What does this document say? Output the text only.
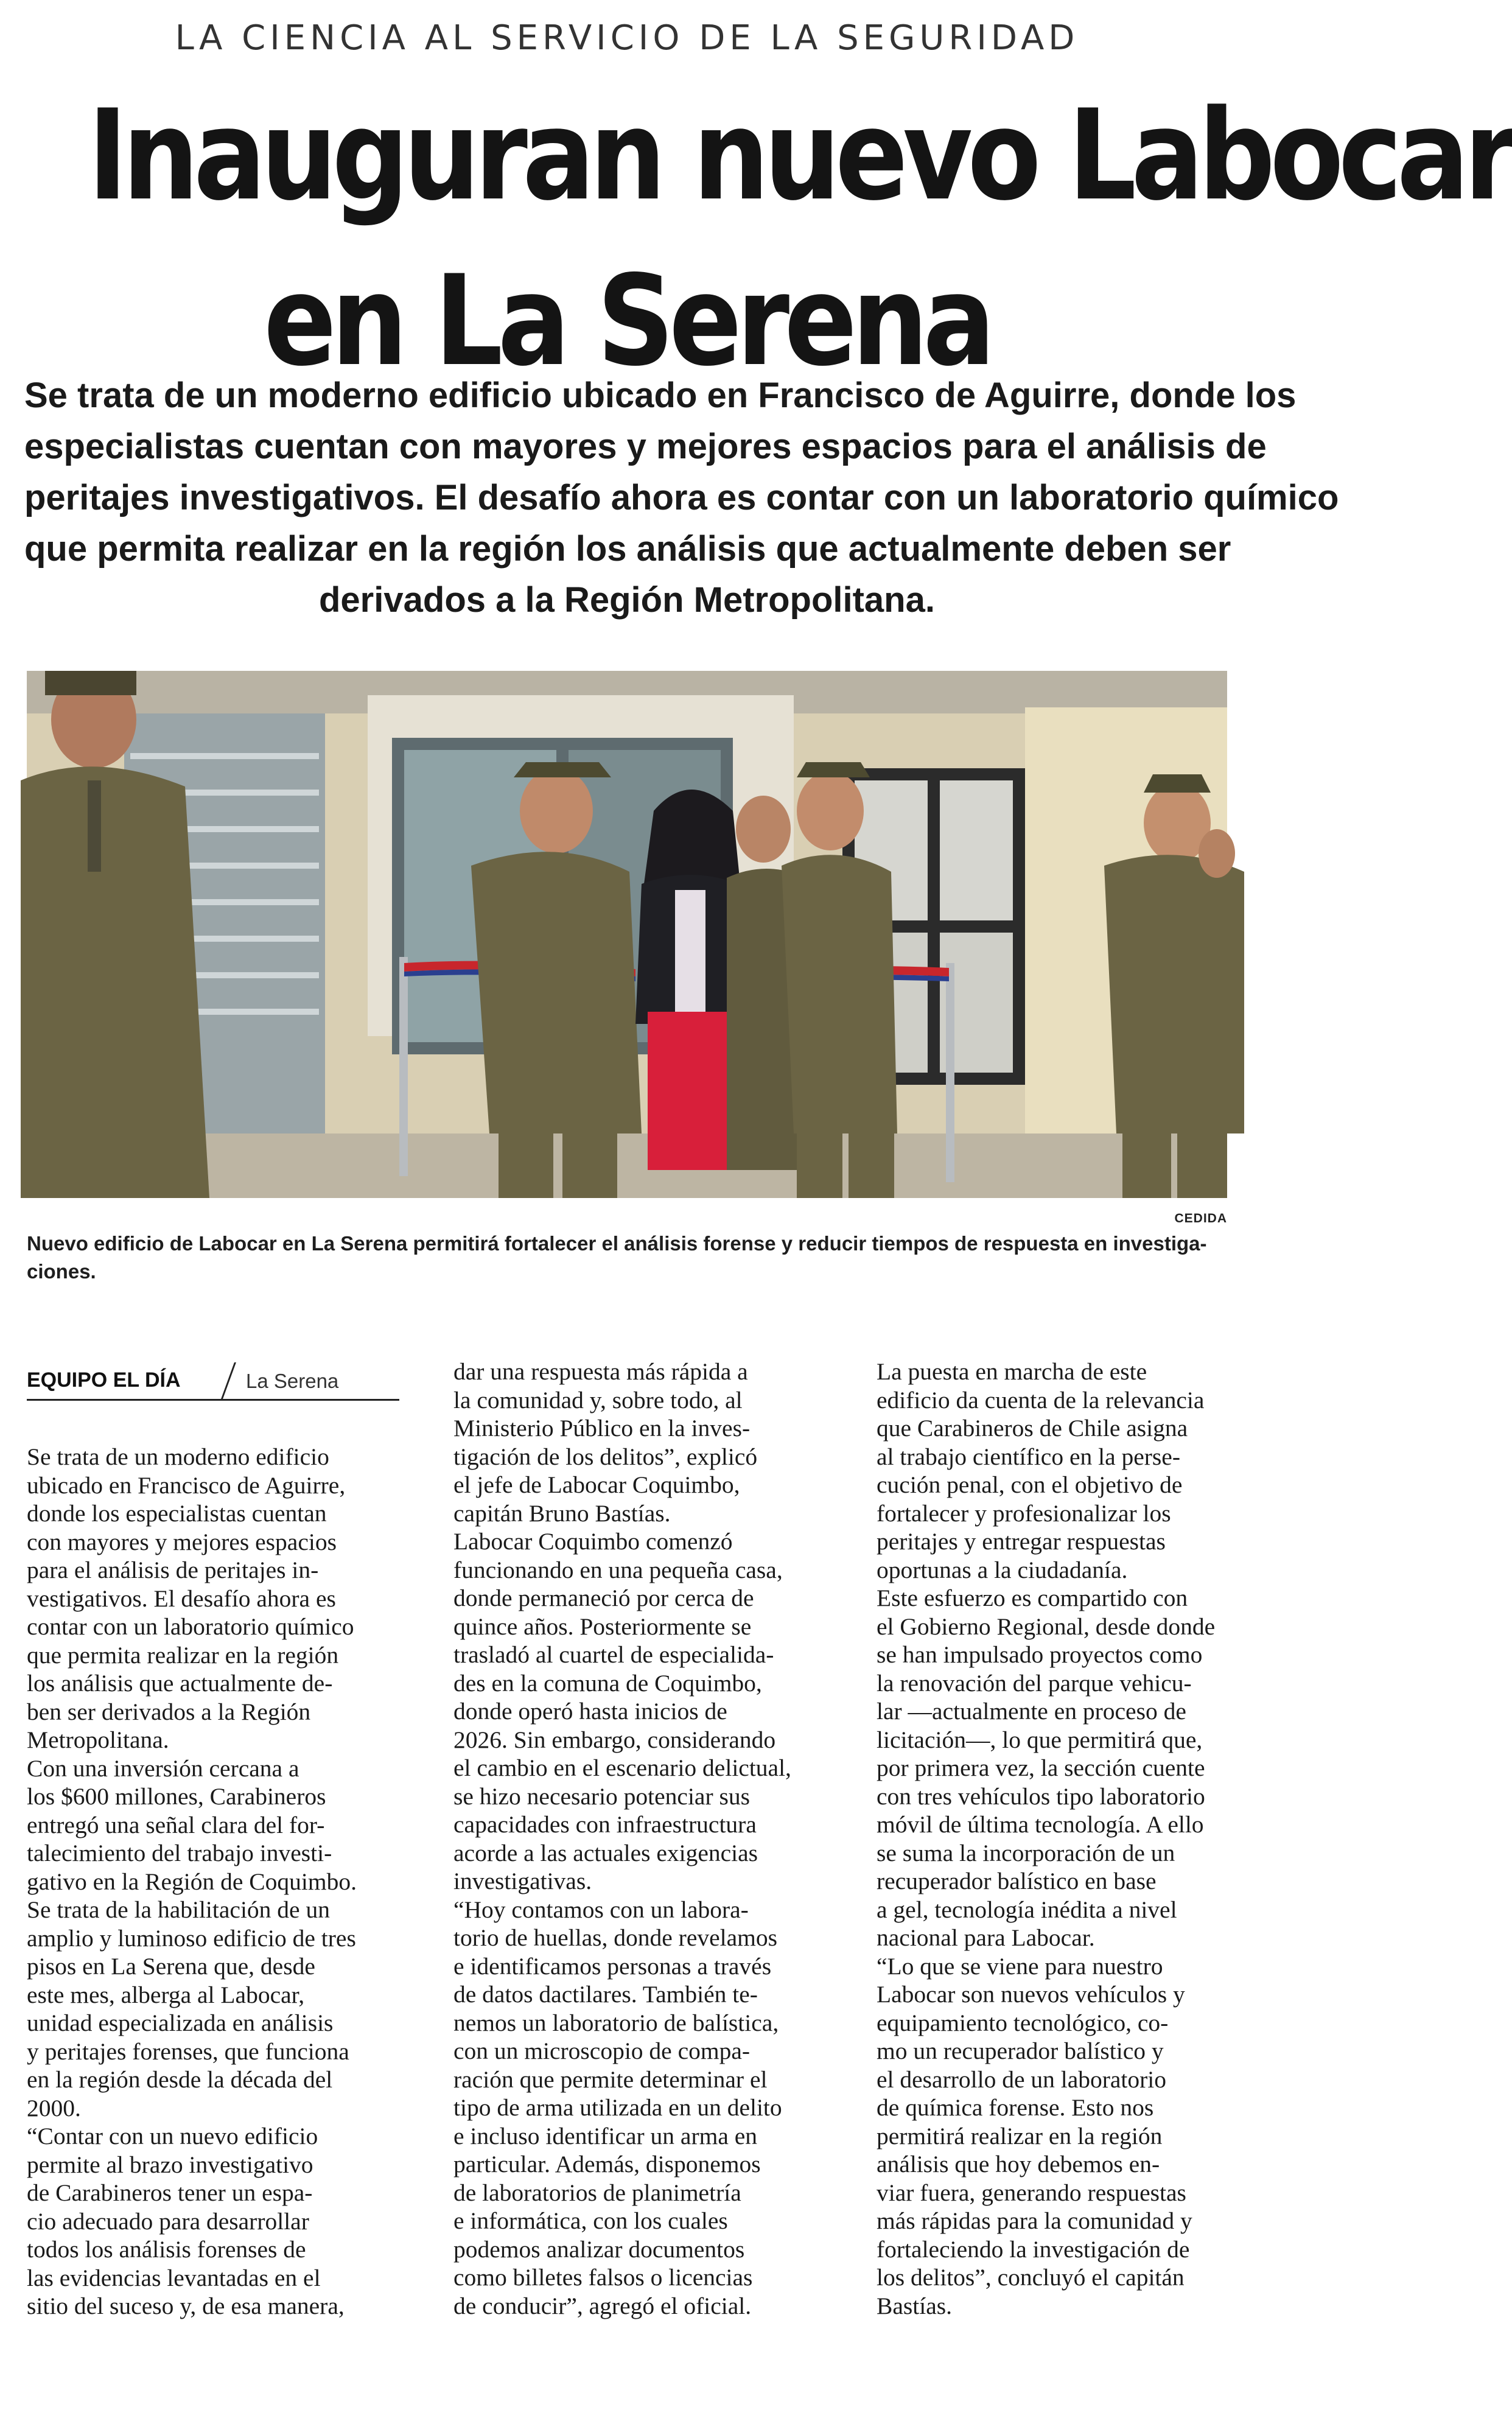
LA CIENCIA AL SERVICIO DE LA SEGURIDAD
Inauguran nuevo Labocar
en La Serena
Se trata de un moderno edificio ubicado en Francisco de Aguirre, donde los
especialistas cuentan con mayores y mejores espacios para el análisis de
peritajes investigativos. El desafío ahora es contar con un laboratorio químico
que permita realizar en la región los análisis que actualmente deben ser
derivados a la Región Metropolitana.
CEDIDA
Nuevo edificio de Labocar en La Serena permitirá fortalecer el análisis forense y reducir tiempos de respuesta en investiga-
ciones.
EQUIPO EL DÍA	La Serena
Se trata de un moderno edificio
ubicado en Francisco de Aguirre,
donde los especialistas cuentan
con mayores y mejores espacios
para el análisis de peritajes in-
vestigativos. El desafío ahora es
contar con un laboratorio químico
que permita realizar en la región
los análisis que actualmente de-
ben ser derivados a la Región
Metropolitana.
Con una inversión cercana a
los $600 millones, Carabineros
entregó una señal clara del for-
talecimiento del trabajo investi-
gativo en la Región de Coquimbo.
Se trata de la habilitación de un
amplio y luminoso edificio de tres
pisos en La Serena que, desde
este mes, alberga al Labocar,
unidad especializada en análisis
y peritajes forenses, que funciona
en la región desde la década del
2000.
“Contar con un nuevo edificio
permite al brazo investigativo
de Carabineros tener un espa-
cio adecuado para desarrollar
todos los análisis forenses de
las evidencias levantadas en el
sitio del suceso y, de esa manera,
dar una respuesta más rápida a
la comunidad y, sobre todo, al
Ministerio Público en la inves-
tigación de los delitos”, explicó
el jefe de Labocar Coquimbo,
capitán Bruno Bastías.
Labocar Coquimbo comenzó
funcionando en una pequeña casa,
donde permaneció por cerca de
quince años. Posteriormente se
trasladó al cuartel de especialida-
des en la comuna de Coquimbo,
donde operó hasta inicios de
2026. Sin embargo, considerando
el cambio en el escenario delictual,
se hizo necesario potenciar sus
capacidades con infraestructura
acorde a las actuales exigencias
investigativas.
“Hoy contamos con un labora-
torio de huellas, donde revelamos
e identificamos personas a través
de datos dactilares. También te-
nemos un laboratorio de balística,
con un microscopio de compa-
ración que permite determinar el
tipo de arma utilizada en un delito
e incluso identificar un arma en
particular. Además, disponemos
de laboratorios de planimetría
e informática, con los cuales
podemos analizar documentos
como billetes falsos o licencias
de conducir”, agregó el oficial.
La puesta en marcha de este
edificio da cuenta de la relevancia
que Carabineros de Chile asigna
al trabajo científico en la perse-
cución penal, con el objetivo de
fortalecer y profesionalizar los
peritajes y entregar respuestas
oportunas a la ciudadanía.
Este esfuerzo es compartido con
el Gobierno Regional, desde donde
se han impulsado proyectos como
la renovación del parque vehicu-
lar —actualmente en proceso de
licitación—, lo que permitirá que,
por primera vez, la sección cuente
con tres vehículos tipo laboratorio
móvil de última tecnología. A ello
se suma la incorporación de un
recuperador balístico en base
a gel, tecnología inédita a nivel
nacional para Labocar.
“Lo que se viene para nuestro
Labocar son nuevos vehículos y
equipamiento tecnológico, co-
mo un recuperador balístico y
el desarrollo de un laboratorio
de química forense. Esto nos
permitirá realizar en la región
análisis que hoy debemos en-
viar fuera, generando respuestas
más rápidas para la comunidad y
fortaleciendo la investigación de
los delitos”, concluyó el capitán
Bastías.
